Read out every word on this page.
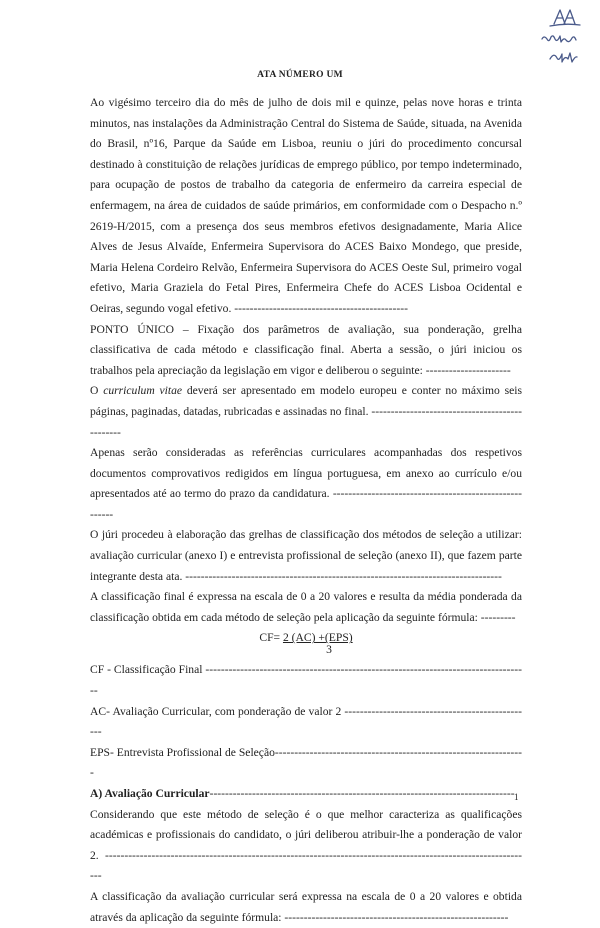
ATA NÚMERO UM

Ao vigésimo terceiro dia do mês de julho de dois mil e quinze, pelas nove horas e trinta minutos, nas instalações da Administração Central do Sistema de Saúde, situada, na Avenida do Brasil, nº16, Parque da Saúde em Lisboa, reuniu o júri do procedimento concursal destinado à constituição de relações jurídicas de emprego público, por tempo indeterminado, para ocupação de postos de trabalho da categoria de enfermeiro da carreira especial de enfermagem, na área de cuidados de saúde primários, em conformidade com o Despacho n.º 2619-H/2015, com a presença dos seus membros efetivos designadamente, Maria Alice Alves de Jesus Alvaíde, Enfermeira Supervisora do ACES Baixo Mondego, que preside, Maria Helena Cordeiro Relvão, Enfermeira Supervisora do ACES Oeste Sul, primeiro vogal efetivo, Maria Graziela do Fetal Pires, Enfermeira Chefe do ACES Lisboa Ocidental e Oeiras, segundo vogal efetivo. ---------------------------------------------

PONTO ÚNICO – Fixação dos parâmetros de avaliação, sua ponderação, grelha classificativa de cada método e classificação final. Aberta a sessão, o júri iniciou os trabalhos pela apreciação da legislação em vigor e deliberou o seguinte: ----------------------

O curriculum vitae deverá ser apresentado em modelo europeu e conter no máximo seis páginas, paginadas, datadas, rubricadas e assinadas no final. -----------------------------------------------

Apenas serão consideradas as referências curriculares acompanhadas dos respetivos documentos comprovativos redigidos em língua portuguesa, em anexo ao currículo e/ou apresentados até ao termo do prazo da candidatura. -------------------------------------------------------

O júri procedeu à elaboração das grelhas de classificação dos métodos de seleção a utilizar: avaliação curricular (anexo I) e entrevista profissional de seleção (anexo II), que fazem parte integrante desta ata. ----------------------------------------------------------------------------------

A classificação final é expressa na escala de 0 a 20 valores e resulta da média ponderada da classificação obtida em cada método de seleção pela aplicação da seguinte fórmula: ---------

CF= 2 (AC) +(EPS)
3

CF - Classificação Final ------------------------------------------------------------------------------------

AC- Avaliação Curricular, com ponderação de valor 2 -------------------------------------------------

EPS- Entrevista Profissional de Seleção-----------------------------------------------------------------

A) Avaliação Curricular-------------------------------------------------------------------------------

Considerando que este método de seleção é o que melhor caracteriza as qualificações académicas e profissionais do candidato, o júri deliberou atribuir-lhe a ponderação de valor 2. ---------------------------------------------------------------------------------------------------------------

A classificação da avaliação curricular será expressa na escala de 0 a 20 valores e obtida através da aplicação da seguinte fórmula: ----------------------------------------------------------

1
